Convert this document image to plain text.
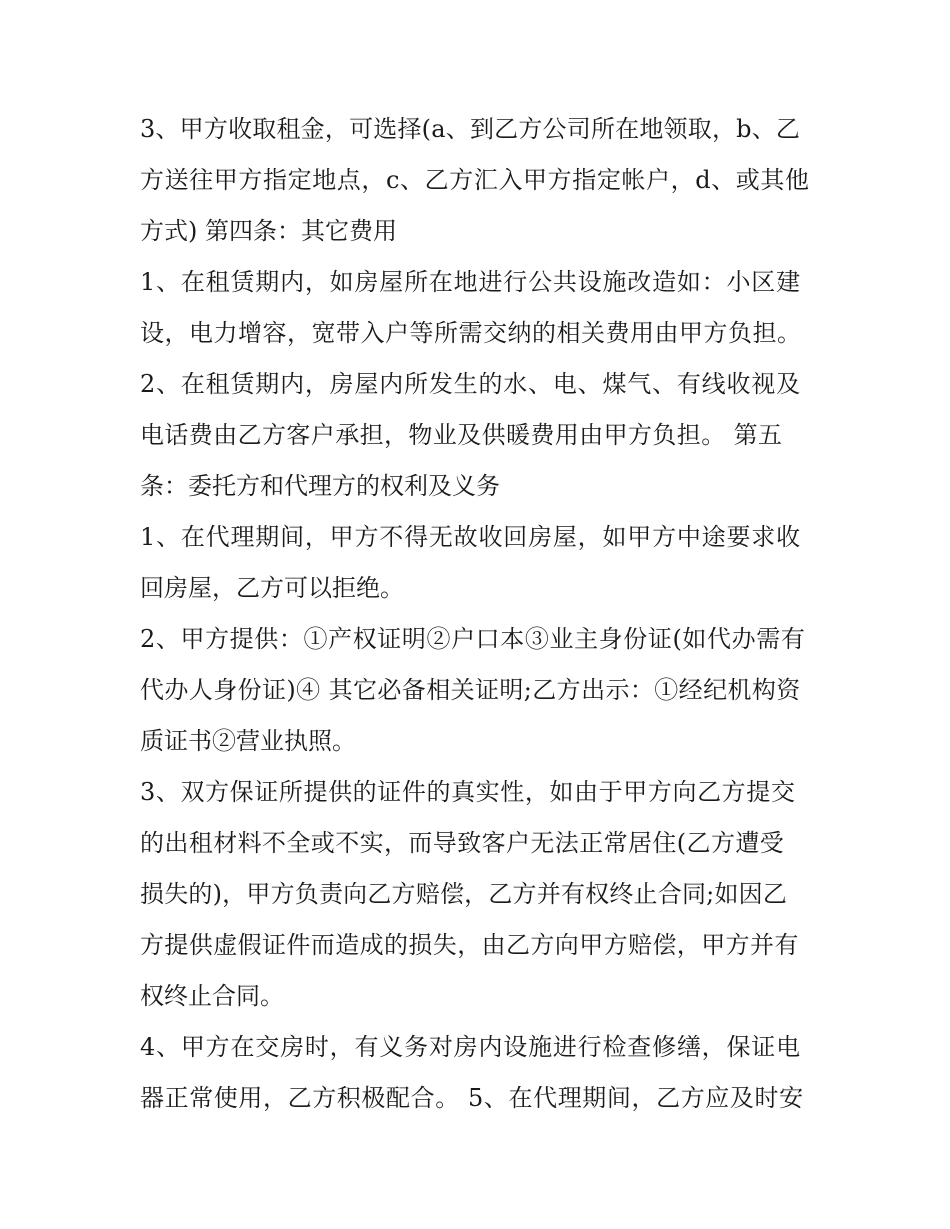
3、甲方收取租金，可选择(a、到乙方公司所在地领取，b、乙
方送往甲方指定地点，c、乙方汇入甲方指定帐户，d、或其他
方式) 第四条：其它费用
1、在租赁期内，如房屋所在地进行公共设施改造如：小区建
设，电力增容，宽带入户等所需交纳的相关费用由甲方负担。
2、在租赁期内，房屋内所发生的水、电、煤气、有线收视及
电话费由乙方客户承担，物业及供暖费用由甲方负担。 第五
条：委托方和代理方的权利及义务
1、在代理期间，甲方不得无故收回房屋，如甲方中途要求收
回房屋，乙方可以拒绝。
2、甲方提供：①产权证明②户口本③业主身份证(如代办需有
代办人身份证)④ 其它必备相关证明;乙方出示：①经纪机构资
质证书②营业执照。
3、双方保证所提供的证件的真实性，如由于甲方向乙方提交
的出租材料不全或不实，而导致客户无法正常居住(乙方遭受
损失的)，甲方负责向乙方赔偿，乙方并有权终止合同;如因乙
方提供虚假证件而造成的损失，由乙方向甲方赔偿，甲方并有
权终止合同。
4、甲方在交房时，有义务对房内设施进行检查修缮，保证电
器正常使用，乙方积极配合。 5、在代理期间，乙方应及时安
